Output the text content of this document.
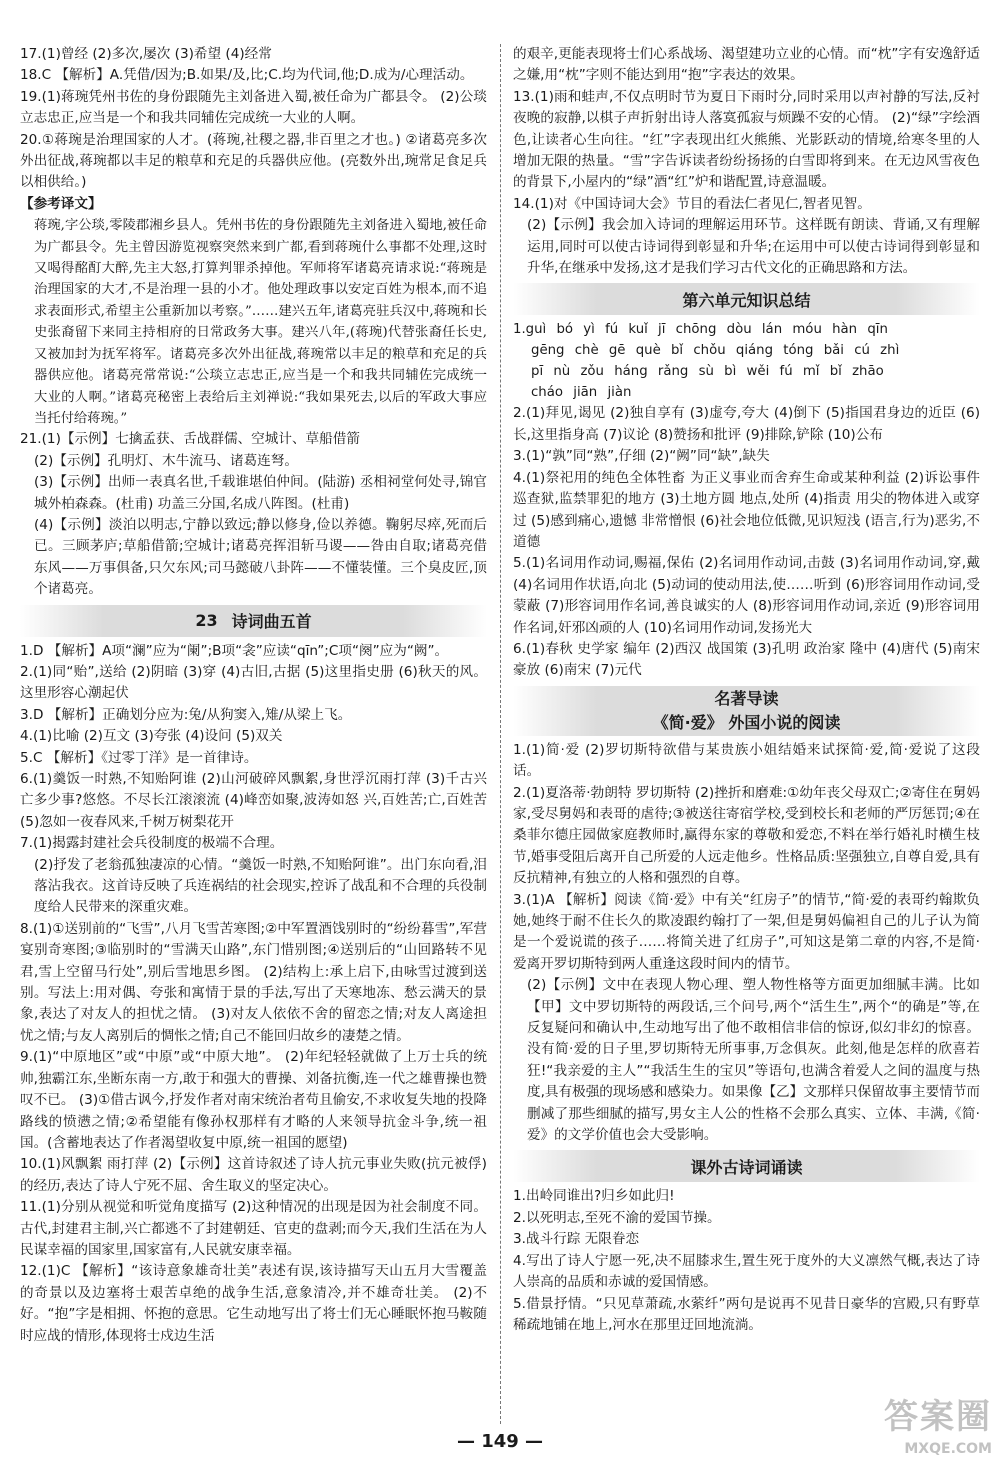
17.(1)曾经 (2)多次,屡次 (3)希望 (4)经常

18.C 【解析】A.凭借/因为;B.如果/及,比;C.均为代词,他;D.成为/心理活动。

19.(1)蒋琬凭州书佐的身份跟随先主刘备进入蜀,被任命为广都县令。 (2)公琰立志忠正,应当是一个和我共同辅佐完成统一大业的人啊。

20.①蒋琬是治理国家的人才。(蒋琬,社稷之器,非百里之才也。) ②诸葛亮多次外出征战,蒋琬都以丰足的粮草和充足的兵器供应他。(亮数外出,琬常足食足兵以相供给。)

【参考译文】

蒋琬,字公琰,零陵郡湘乡县人。凭州书佐的身份跟随先主刘备进入蜀地,被任命为广都县令。先主曾因游览视察突然来到广都,看到蒋琬什么事都不处理,这时又喝得酩酊大醉,先主大怒,打算判罪杀掉他。军师将军诸葛亮请求说:“蒋琬是治理国家的大才,不是治理一县的小才。他处理政事以安定百姓为根本,而不追求表面形式,希望主公重新加以考察。”……建兴五年,诸葛亮驻兵汉中,蒋琬和长史张裔留下来同主持相府的日常政务大事。建兴八年,(蒋琬)代替张裔任长史,又被加封为抚军将军。诸葛亮多次外出征战,蒋琬常以丰足的粮草和充足的兵器供应他。诸葛亮常常说:“公琰立志忠正,应当是一个和我共同辅佐完成统一大业的人啊。”诸葛亮秘密上表给后主刘禅说:“我如果死去,以后的军政大事应当托付给蒋琬。”

21.(1)【示例】七擒孟获、舌战群儒、空城计、草船借箭

(2)【示例】孔明灯、木牛流马、诸葛连弩。

(3)【示例】出师一表真名世,千载谁堪伯仲间。(陆游) 丞相祠堂何处寻,锦官城外柏森森。(杜甫) 功盖三分国,名成八阵图。(杜甫)

(4)【示例】淡泊以明志,宁静以致远;静以修身,俭以养德。鞠躬尽瘁,死而后已。三顾茅庐;草船借箭;空城计;诸葛亮挥泪斩马谡——咎由自取;诸葛亮借东风——万事俱备,只欠东风;司马懿破八卦阵——不懂装懂。三个臭皮匠,顶个诸葛亮。

23 诗词曲五首

1.D 【解析】A项“澜”应为“阑”;B项“衾”应读“qīn”;C项“阕”应为“阙”。

2.(1)同“贻”,送给 (2)阴暗 (3)穿 (4)古旧,古据 (5)这里指史册 (6)秋天的风。这里形容心潮起伏

3.D 【解析】正确划分应为:兔/从狗窦入,雉/从梁上飞。

4.(1)比喻 (2)互文 (3)夸张 (4)设问 (5)双关

5.C 【解析】《过零丁洋》是一首律诗。

6.(1)羹饭一时熟,不知贻阿谁 (2)山河破碎风飘絮,身世浮沉雨打萍 (3)千古兴亡多少事?悠悠。不尽长江滚滚流 (4)峰峦如聚,波涛如怒 兴,百姓苦;亡,百姓苦 (5)忽如一夜春风来,千树万树梨花开

7.(1)揭露封建社会兵役制度的极端不合理。

(2)抒发了老翁孤独凄凉的心情。“羹饭一时熟,不知贻阿谁”。出门东向看,泪落沾我衣。这首诗反映了兵连祸结的社会现实,控诉了战乱和不合理的兵役制度给人民带来的深重灾难。

8.(1)①送别前的“飞雪”,八月飞雪苦寒图;②中军置酒饯别时的“纷纷暮雪”,军营宴别奇寒图;③临别时的“雪满天山路”,东门惜别图;④送别后的“山回路转不见君,雪上空留马行处”,别后雪地思乡图。 (2)结构上:承上启下,由咏雪过渡到送别。写法上:用对偶、夸张和寓情于景的手法,写出了天寒地冻、愁云满天的景象,表达了对友人的担忧之情。 (3)对友人依依不舍的留恋之情;对友人离途担忧之情;与友人离别后的惆怅之情;自己不能回归故乡的凄楚之情。

9.(1)“中原地区”或“中原”或“中原大地”。 (2)年纪轻轻就做了上万士兵的统帅,独霸江东,坐断东南一方,敢于和强大的曹操、刘备抗衡,连一代之雄曹操也赞叹不已。 (3)①借古讽今,抒发作者对南宋统治者苟且偷安,不求收复失地的投降路线的愤懑之情;②希望能有像孙权那样有才略的人来领导抗金斗争,统一祖国。(含蓄地表达了作者渴望收复中原,统一祖国的愿望)

10.(1)风飘絮 雨打萍 (2)【示例】这首诗叙述了诗人抗元事业失败(抗元被俘)的经历,表达了诗人宁死不屈、舍生取义的坚定决心。

11.(1)分别从视觉和听觉角度描写 (2)这种情况的出现是因为社会制度不同。古代,封建君主制,兴亡都逃不了封建朝廷、官吏的盘剥;而今天,我们生活在为人民谋幸福的国家里,国家富有,人民就安康幸福。

12.(1)C 【解析】“该诗意象雄奇壮美”表述有误,该诗描写天山五月大雪覆盖的奇景以及边塞将士艰苦卓绝的战争生活,意象清冷,并不雄奇壮美。 (2)不好。“抱”字是相拥、怀抱的意思。它生动地写出了将士们无心睡眠怀抱马鞍随时应战的情形,体现将士戍边生活

的艰辛,更能表现将士们心系战场、渴望建功立业的心情。而“枕”字有安逸舒适之嫌,用“枕”字则不能达到用“抱”字表达的效果。

13.(1)雨和蛙声,不仅点明时节为夏日下雨时分,同时采用以声衬静的写法,反衬夜晚的寂静,以棋子声折射出诗人落寞孤寂与烦躁不安的心情。 (2)“绿”字绘酒色,让读者心生向往。“红”字表现出红火熊熊、光影跃动的情境,给寒冬里的人增加无限的热量。“雪”字告诉读者纷纷扬扬的白雪即将到来。在无边风雪夜色的背景下,小屋内的“绿”酒“红”炉和谐配置,诗意温暖。

14.(1)对《中国诗词大会》节目的看法仁者见仁,智者见智。

(2)【示例】我会加入诗词的理解运用环节。这样既有朗读、背诵,又有理解运用,同时可以使古诗词得到彰显和升华;在运用中可以使古诗词得到彰显和升华,在继承中发扬,这才是我们学习古代文化的正确思路和方法。

第六单元知识总结

1.guì bó yì fú kuǐ jī chōng dòu lán móu hàn qīn

gēng chè gē què bǐ chǒu qiáng tóng bǎi cú zhì

pī nù zǒu háng rǎng sù bì wěi fú mǐ bǐ zhāo

cháo jiān jiàn

2.(1)拜见,谒见 (2)独自享有 (3)虚夸,夸大 (4)倒下 (5)指国君身边的近臣 (6)长,这里指身高 (7)议论 (8)赞扬和批评 (9)排除,铲除 (10)公布

3.(1)“孰”同“熟”,仔细 (2)“阙”同“缺”,缺失

4.(1)祭祀用的纯色全体牲畜 为正义事业而舍弃生命或某种利益 (2)诉讼事件 巡查狱,监禁罪犯的地方 (3)土地方圆 地点,处所 (4)指责 用尖的物体进入或穿过 (5)感到痛心,遗憾 非常憎恨 (6)社会地位低微,见识短浅 (语言,行为)恶劣,不道德

5.(1)名词用作动词,赐福,保佑 (2)名词用作动词,击鼓 (3)名词用作动词,穿,戴 (4)名词用作状语,向北 (5)动词的使动用法,使……听到 (6)形容词用作动词,受蒙蔽 (7)形容词用作名词,善良诚实的人 (8)形容词用作动词,亲近 (9)形容词用作名词,奸邪凶顽的人 (10)名词用作动词,发扬光大

6.(1)春秋 史学家 编年 (2)西汉 战国策 (3)孔明 政治家 隆中 (4)唐代 (5)南宋 豪放 (6)南宋 (7)元代

名著导读
《简·爱》 外国小说的阅读

1.(1)简·爱 (2)罗切斯特欲借与某贵族小姐结婚来试探简·爱,简·爱说了这段话。

2.(1)夏洛蒂·勃朗特 罗切斯特 (2)挫折和磨难:①幼年丧父母双亡;②寄住在舅妈家,受尽舅妈和表哥的虐待;③被送往寄宿学校,受到校长和老师的严厉惩罚;④在桑菲尔德庄园做家庭教师时,赢得东家的尊敬和爱恋,不料在举行婚礼时横生枝节,婚事受阻后离开自己所爱的人远走他乡。性格品质:坚强独立,自尊自爱,具有反抗精神,有独立的人格和强烈的自尊。

3.(1)A 【解析】阅读《简·爱》中有关“红房子”的情节,“简·爱的表哥约翰欺负她,她终于耐不住长久的欺凌跟约翰打了一架,但是舅妈偏袒自己的儿子认为简是一个爱说谎的孩子……将简关进了红房子”,可知这是第二章的内容,不是简·爱离开罗切斯特到两人重逢这段时间内的情节。

(2)【示例】文中在表现人物心理、塑人物性格等方面更加细腻丰满。比如【甲】文中罗切斯特的两段话,三个问号,两个“活生生”,两个“的确是”等,在反复疑问和确认中,生动地写出了他不敢相信非信的惊讶,似幻非幻的惊喜。没有简·爱的日子里,罗切斯特无所事事,万念俱灰。此刻,他是怎样的欣喜若狂!“我亲爱的主人”“我活生生的宝贝”等语句,也满含着爱人之间的温度与热度,具有极强的现场感和感染力。如果像【乙】文那样只保留故事主要情节而删减了那些细腻的描写,男女主人公的性格不会那么真实、立体、丰满,《简·爱》的文学价值也会大受影响。

课外古诗词诵读

1.出岭同谁出?归乡如此归!

2.以死明志,至死不渝的爱国节操。

3.战斗行踪 无限眷恋

4.写出了诗人宁愿一死,决不屈膝求生,置生死于度外的大义凛然气概,表达了诗人崇高的品质和赤诚的爱国情感。

5.借景抒情。“只见草萧疏,水萦纤”两句是说再不见昔日豪华的宫殿,只有野草稀疏地铺在地上,河水在那里迂回地流淌。

— 149 —
答案圈
MXQE.COM
